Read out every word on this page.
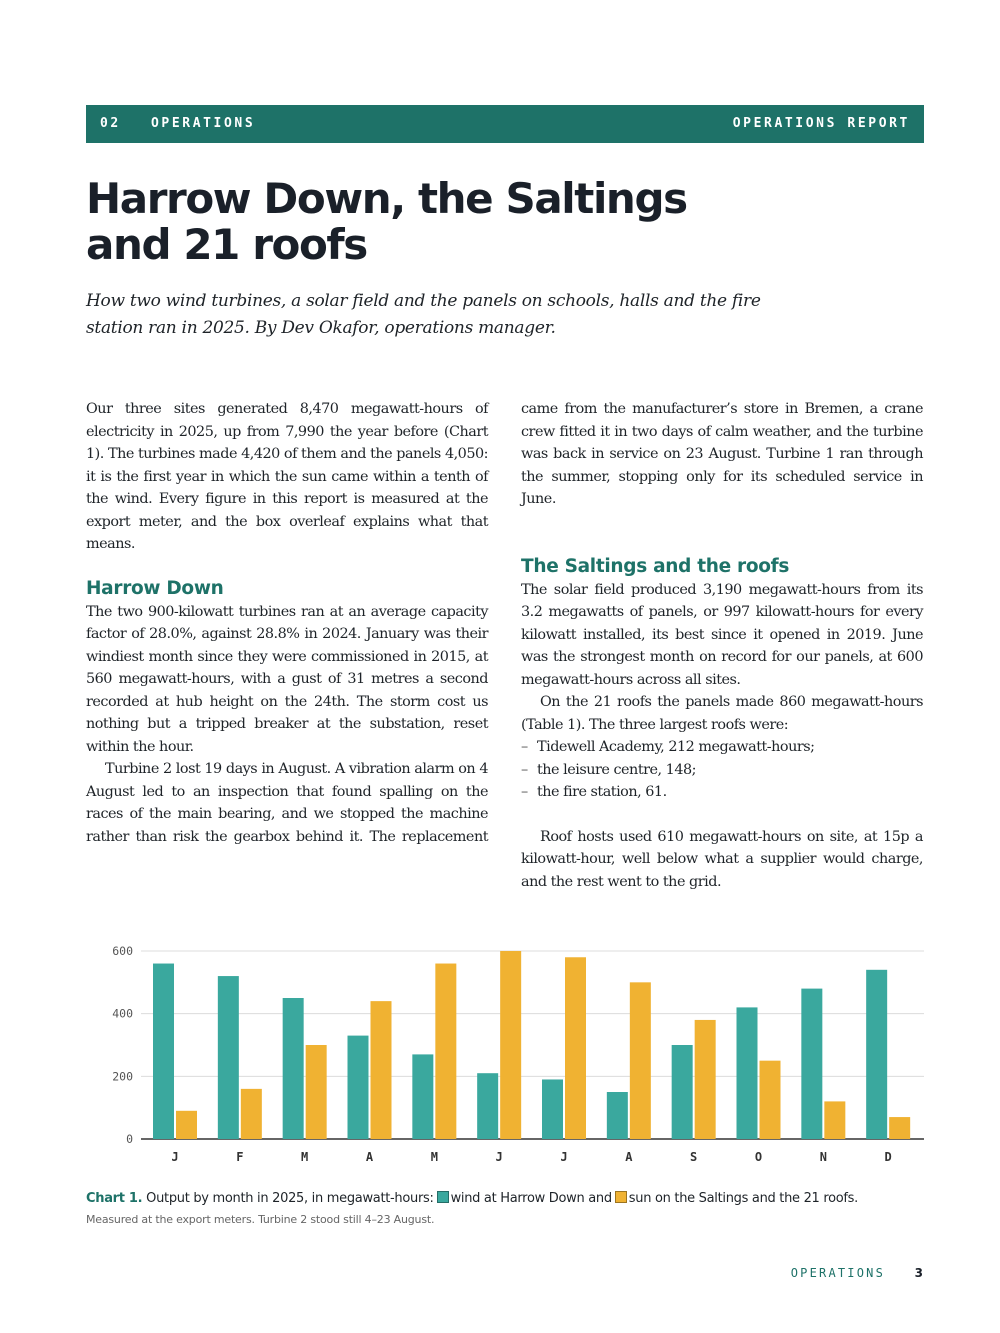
02 OPERATIONS	OPERATIONS REPORT
Harrow Down, the Saltings
and 21 roofs

How two wind turbines, a solar field and the panels on schools, halls and the fire station ran in 2025. By Dev Okafor, operations manager.

Our three sites generated 8,470 megawatt-hours of electricity in 2025, up from 7,990 the year before (Chart 1). The turbines made 4,420 of them and the panels 4,050: it is the first year in which the sun came within a tenth of the wind. Every figure in this report is measured at the export meter, and the box overleaf explains what that means.

Harrow Down

The two 900-kilowatt turbines ran at an average capacity factor of 28.0%, against 28.8% in 2024. January was their windiest month since they were commissioned in 2015, at 560 megawatt-hours, with a gust of 31 metres a second recorded at hub height on the 24th. The storm cost us nothing but a tripped breaker at the substation, reset within the hour.

Turbine 2 lost 19 days in August. A vibration alarm on 4 August led to an inspection that found spalling on the races of the main bearing, and we stopped the machine rather than risk the gearbox behind it. The replacement

came from the manufacturer’s store in Bremen, a crane crew fitted it in two days of calm weather, and the turbine was back in service on 23 August. Turbine 1 ran through the summer, stopping only for its scheduled service in June.

The Saltings and the roofs

The solar field produced 3,190 megawatt-hours from its 3.2 megawatts of panels, or 997 kilowatt-hours for every kilowatt installed, its best since it opened in 2019. June was the strongest month on record for our panels, at 600 megawatt-hours across all sites.

On the 21 roofs the panels made 860 megawatt-hours (Table 1). The three largest roofs were:

– Tidewell Academy, 212 megawatt-hours;
– the leisure centre, 148;
– the fire station, 61.

Roof hosts used 610 megawatt-hours on site, at 15p a kilowatt-hour, well below what a supplier would charge, and the rest went to the grid.

0
200
400
600
J	F	M	A	M	J	J	A	S	O	N	D
Chart 1. Output by month in 2025, in megawatt-hours: wind at Harrow Down and sun on the Saltings and the 21 roofs.
Measured at the export meters. Turbine 2 stood still 4–23 August.
OPERATIONS 3
